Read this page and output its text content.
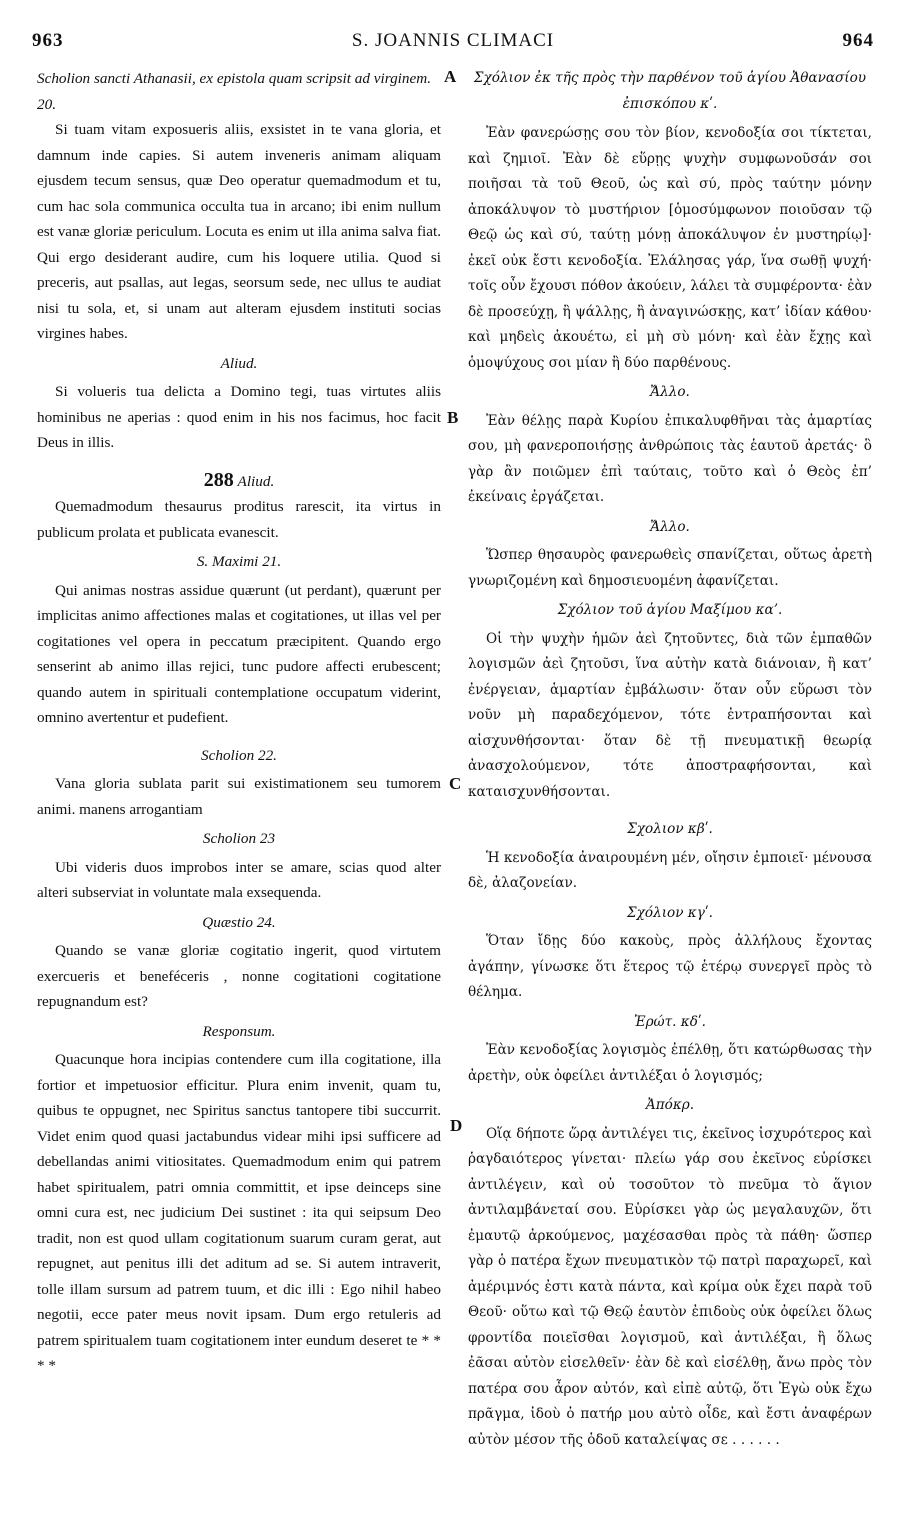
963	S. JOANNIS CLIMACI	964
A
B
C
D
Scholion sancti Athanasii, ex epistola quam scripsit ad virginem. 20.

Si tuam vitam exposueris aliis, exsistet in te vana gloria, et damnum inde capies. Si autem inveneris animam aliquam ejusdem tecum sensus, quæ Deo operatur quemadmodum et tu, cum hac sola communica occulta tua in arcano; ibi enim nullum est vanæ gloriæ periculum. Locuta es enim ut illa anima salva fiat. Qui ergo desiderant audire, cum his loquere utilia. Quod si preceris, aut psallas, aut legas, seorsum sede, nec ullus te audiat nisi tu sola, et, si unam aut alteram ejusdem instituti socias virgines habes.

Aliud.

Si volueris tua delicta a Domino tegi, tuas virtutes aliis hominibus ne aperias : quod enim in his nos facimus, hoc facit Deus in illis.

288 Aliud.

Quemadmodum thesaurus proditus rarescit, ita virtus in publicum prolata et publicata evanescit.

S. Maximi 21.

Qui animas nostras assidue quærunt (ut perdant), quærunt per implicitas animo affectiones malas et cogitationes, ut illas vel per cogitationes vel opera in peccatum præcipitent. Quando ergo senserint ab animo illas rejici, tunc pudore affecti erubescent; quando autem in spirituali contemplatione occupatum viderint, omnino avertentur et pudefient.

Scholion 22.

Vana gloria sublata parit sui existimationem seu tumorem animi. manens arrogantiam

Scholion 23

Ubi videris duos improbos inter se amare, scias quod alter alteri subserviat in voluntate mala exsequenda.

Quæstio 24.

Quando se vanæ gloriæ cogitatio ingerit, quod virtutem exercueris et beneféceris , nonne cogitationi cogitatione repugnandum est?

Responsum.

Quacunque hora incipias contendere cum illa cogitatione, illa fortior et impetuosior efficitur. Plura enim invenit, quam tu, quibus te oppugnet, nec Spiritus sanctus tantopere tibi succurrit. Videt enim quod quasi jactabundus videar mihi ipsi sufficere ad debellandas animi vitiositates. Quemadmodum enim qui patrem habet spiritualem, patri omnia committit, et ipse deinceps sine omni cura est, nec judicium Dei sustinet : ita qui seipsum Deo tradit, non est quod ullam cogitationum suarum curam gerat, aut repugnet, aut penitus illi det aditum ad se. Si autem intraverit, tolle illam sursum ad patrem tuum, et dic illi : Ego nihil habeo negotii, ecce pater meus novit ipsam. Dum ergo retuleris ad patrem spiritualem tuam cogitationem inter eundum deseret te * * * *

Σχόλιον ἐκ τῆς πρὸς τὴν παρθένον τοῦ ἁγίου Ἀθανασίου ἐπισκόπου κʹ.

Ἐὰν φανερώσῃς σου τὸν βίον, κενοδοξία σοι τίκτεται, καὶ ζημιοῖ. Ἐὰν δὲ εὕρῃς ψυχὴν συμφωνοῦσάν σοι ποιῆσαι τὰ τοῦ Θεοῦ, ὡς καὶ σύ, πρὸς ταύτην μόνην ἀποκάλυψον τὸ μυστήριον [ὁμοσύμφωνον ποιοῦσαν τῷ Θεῷ ὡς καὶ σύ, ταύτῃ μόνῃ ἀποκάλυψον ἐν μυστηρίῳ]· ἐκεῖ οὐκ ἔστι κενοδοξία. Ἐλάλησας γάρ, ἵνα σωθῇ ψυχή· τοῖς οὖν ἔχουσι πόθον ἀκούειν, λάλει τὰ συμφέροντα· ἐὰν δὲ προσεύχῃ, ἢ ψάλλῃς, ἢ ἀναγινώσκῃς, κατ’ ἰδίαν κάθου· καὶ μηδεὶς ἀκουέτω, εἰ μὴ σὺ μόνη· καὶ ἐὰν ἔχῃς καὶ ὁμοψύχους σοι μίαν ἢ δύο παρθένους.

Ἄλλο.

Ἐὰν θέλῃς παρὰ Κυρίου ἐπικαλυφθῆναι τὰς ἁμαρτίας σου, μὴ φανεροποιήσῃς ἀνθρώποις τὰς ἑαυτοῦ ἀρετάς· ὃ γὰρ ἂν ποιῶμεν ἐπὶ ταύταις, τοῦτο καὶ ὁ Θεὸς ἐπ’ ἐκείναις ἐργάζεται.

Ἄλλο.

Ὥσπερ θησαυρὸς φανερωθεὶς σπανίζεται, οὕτως ἀρετὴ γνωριζομένη καὶ δημοσιευομένη ἀφανίζεται.

Σχόλιον τοῦ ἁγίου Μαξίμου κα’.

Οἱ τὴν ψυχὴν ἡμῶν ἀεὶ ζητοῦντες, διὰ τῶν ἐμπαθῶν λογισμῶν ἀεὶ ζητοῦσι, ἵνα αὐτὴν κατὰ διάνοιαν, ἢ κατ’ ἐνέργειαν, ἁμαρτίαν ἐμβάλωσιν· ὅταν οὖν εὕρωσι τὸν νοῦν μὴ παραδεχόμενον, τότε ἐντραπήσονται καὶ αἰσχυνθήσονται· ὅταν δὲ τῇ πνευματικῇ θεωρίᾳ ἀνασχολούμενον, τότε ἀποστραφήσονται, καὶ καταισχυνθήσονται.

Σχολιον κβʹ.

Ἡ κενοδοξία ἀναιρουμένη μέν, οἴησιν ἐμποιεῖ· μένουσα δὲ, ἀλαζονείαν.

Σχόλιον κγʹ.

Ὅταν ἴδῃς δύο κακοὺς, πρὸς ἀλλήλους ἔχοντας ἀγάπην, γίνωσκε ὅτι ἕτερος τῷ ἑτέρῳ συνεργεῖ πρὸς τὸ θέλημα.

Ἐρώτ. κδʹ.

Ἐὰν κενοδοξίας λογισμὸς ἐπέλθῃ, ὅτι κατώρθωσας τὴν ἀρετὴν, οὐκ ὀφείλει ἀντιλέξαι ὁ λογισμός;

Ἀπόκρ.

Οἵᾳ δήποτε ὥρᾳ ἀντιλέγει τις, ἐκεῖνος ἰσχυρότερος καὶ ῥαγδαιότερος γίνεται· πλείω γάρ σου ἐκεῖνος εὑρίσκει ἀντιλέγειν, καὶ οὐ τοσοῦτον τὸ πνεῦμα τὸ ἅγιον ἀντιλαμβάνεταί σου. Εὑρίσκει γὰρ ὡς μεγαλαυχῶν, ὅτι ἐμαυτῷ ἀρκούμενος, μαχέσασθαι πρὸς τὰ πάθη· ὥσπερ γὰρ ὁ πατέρα ἔχων πνευματικὸν τῷ πατρὶ παραχωρεῖ, καὶ ἀμέριμνός ἐστι κατὰ πάντα, καὶ κρίμα οὐκ ἔχει παρὰ τοῦ Θεοῦ· οὕτω καὶ τῷ Θεῷ ἑαυτὸν ἐπιδοὺς οὐκ ὀφείλει ὅλως φροντίδα ποιεῖσθαι λογισμοῦ, καὶ ἀντιλέξαι, ἢ ὅλως ἐᾶσαι αὐτὸν εἰσελθεῖν· ἐὰν δὲ καὶ εἰσέλθῃ, ἄνω πρὸς τὸν πατέρα σου ἆρον αὐτόν, καὶ εἰπὲ αὐτῷ, ὅτι Ἐγὼ οὐκ ἔχω πρᾶγμα, ἰδοὺ ὁ πατήρ μου αὐτὸ οἶδε, καὶ ἔστι ἀναφέρων αὐτὸν μέσον τῆς ὁδοῦ καταλείψας σε . . . . . .
